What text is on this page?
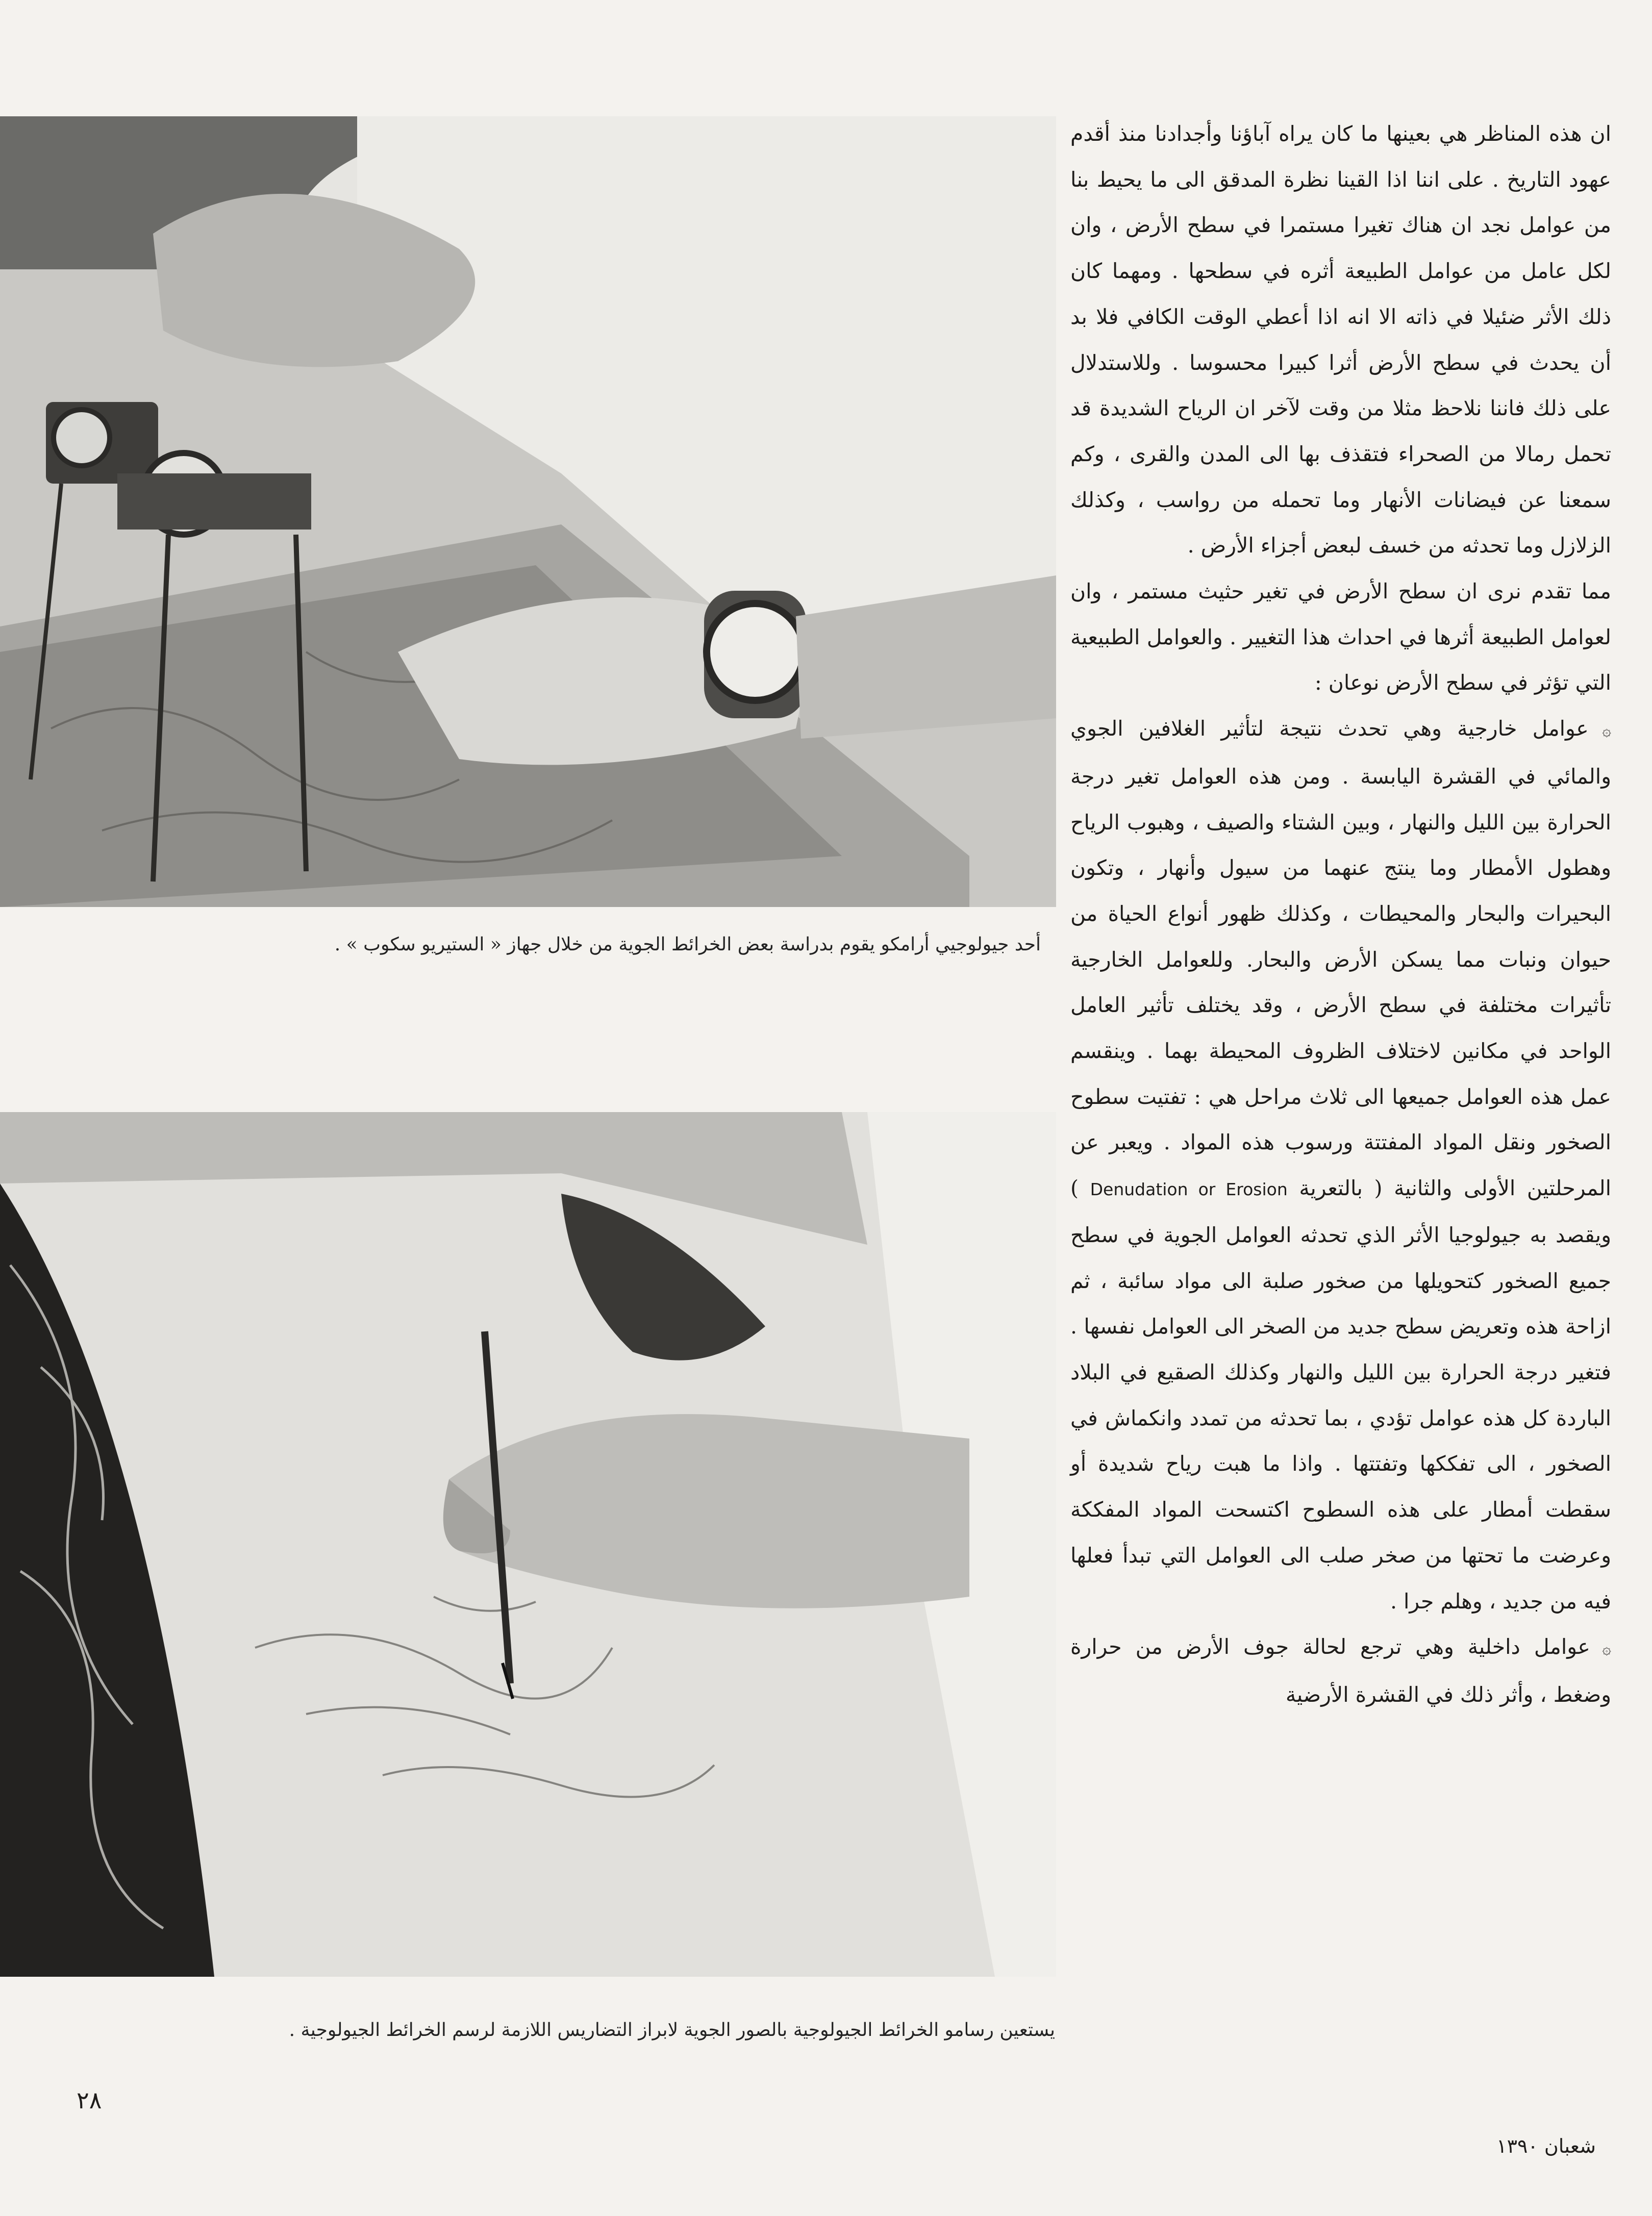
أحد جيولوجيي أرامكو يقوم بدراسة بعض الخرائط الجوية من خلال جهاز « الستيريو سكوب » .
يستعين رسامو الخرائط الجيولوجية بالصور الجوية لابراز التضاريس اللازمة لرسم الخرائط الجيولوجية .

ان هذه المناظر هي بعينها ما كان يراه آباؤنا وأجدادنا منذ أقدم عهود التاريخ . على اننا اذا القينا نظرة المدقق الى ما يحيط بنا من عوامل نجد ان هناك تغيرا مستمرا في سطح الأرض ، وان لكل عامل من عوامل الطبيعة أثره في سطحها . ومهما كان ذلك الأثر ضئيلا في ذاته الا انه اذا أعطي الوقت الكافي فلا بد أن يحدث في سطح الأرض أثرا كبيرا محسوسا . وللاستدلال على ذلك فاننا نلاحظ مثلا من وقت لآخر ان الرياح الشديدة قد تحمل رمالا من الصحراء فتقذف بها الى المدن والقرى ، وكم سمعنا عن فيضانات الأنهار وما تحمله من رواسب ، وكذلك الزلازل وما تحدثه من خسف لبعض أجزاء الأرض .

مما تقدم نرى ان سطح الأرض في تغير حثيث مستمر ، وان لعوامل الطبيعة أثرها في احداث هذا التغيير . والعوامل الطبيعية التي تؤثر في سطح الأرض نوعان :

۞ عوامل خارجية وهي تحدث نتيجة لتأثير الغلافين الجوي والمائي في القشرة اليابسة . ومن هذه العوامل تغير درجة الحرارة بين الليل والنهار ، وبين الشتاء والصيف ، وهبوب الرياح وهطول الأمطار وما ينتج عنهما من سيول وأنهار ، وتكون البحيرات والبحار والمحيطات ، وكذلك ظهور أنواع الحياة من حيوان ونبات مما يسكن الأرض والبحار. وللعوامل الخارجية تأثيرات مختلفة في سطح الأرض ، وقد يختلف تأثير العامل الواحد في مكانين لاختلاف الظروف المحيطة بهما . وينقسم عمل هذه العوامل جميعها الى ثلاث مراحل هي : تفتيت سطوح الصخور ونقل المواد المفتتة ورسوب هذه المواد . ويعبر عن المرحلتين الأولى والثانية ( بالتعرية Denudation or Erosion ) ويقصد به جيولوجيا الأثر الذي تحدثه العوامل الجوية في سطح جميع الصخور كتحويلها من صخور صلبة الى مواد سائبة ، ثم ازاحة هذه وتعريض سطح جديد من الصخر الى العوامل نفسها . فتغير درجة الحرارة بين الليل والنهار وكذلك الصقيع في البلاد الباردة كل هذه عوامل تؤدي ، بما تحدثه من تمدد وانكماش في الصخور ، الى تفككها وتفتتها . واذا ما هبت رياح شديدة أو سقطت أمطار على هذه السطوح اكتسحت المواد المفككة وعرضت ما تحتها من صخر صلب الى العوامل التي تبدأ فعلها فيه من جديد ، وهلم جرا .

۞ عوامل داخلية وهي ترجع لحالة جوف الأرض من حرارة وضغط ، وأثر ذلك في القشرة الأرضية

٢٨
شعبان ١٣٩٠
